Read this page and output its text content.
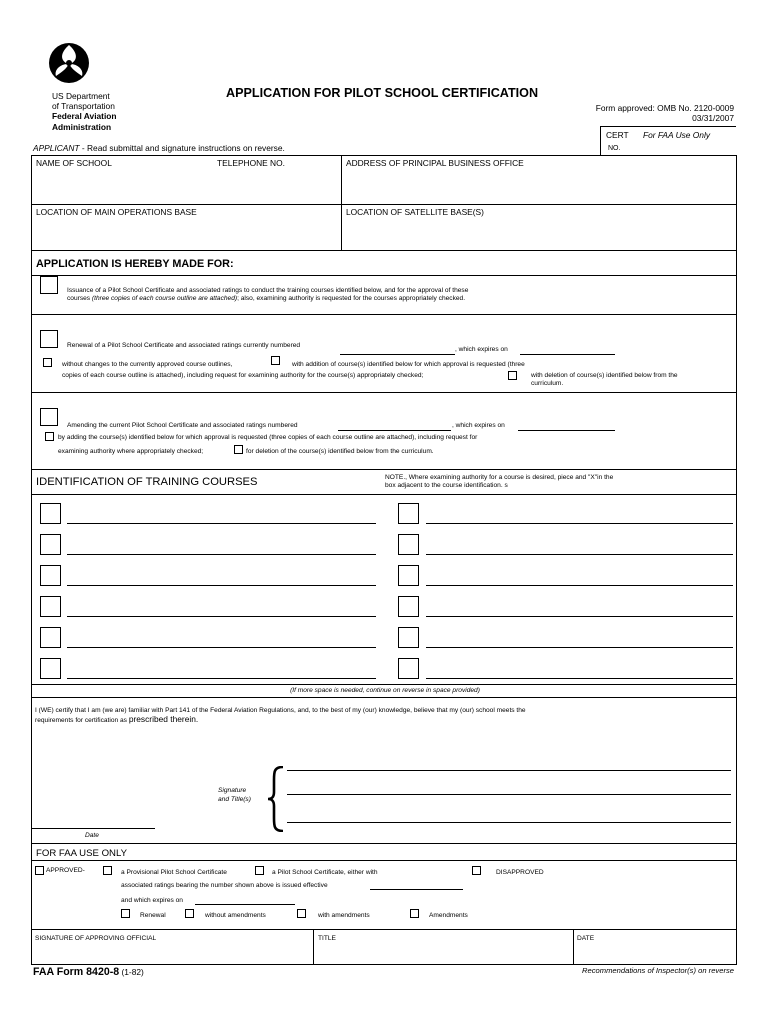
US Department
of Transportation
Federal Aviation
Administration
APPLICATION FOR PILOT SCHOOL CERTIFICATION
Form approved: OMB No. 2120-0009
03/31/2007
CERT For FAA Use Only
NO.
APPLICANT - Read submittal and signature instructions on reverse.
NAME OF SCHOOL	TELEPHONE NO.	ADDRESS OF PRINCIPAL BUSINESS OFFICE
LOCATION OF MAIN OPERATIONS BASE	LOCATION OF SATELLITE BASE(S)
APPLICATION IS HEREBY MADE FOR:
Issuance of a Pilot School Certificate and associated ratings to conduct the training courses identified below, and for the approval of these
courses (three copies of each course outline are attached); also, examining authority is requested for the courses appropriately checked.
Renewal of a Pilot School Certificate and associated ratings currently numbered
, which expires on
without changes to the currently approved course outlines,	with addition of course(s) identified below for which approval is requested (three
copies of each course outline is attached), including request for examining authority for the course(s) appropriately checked;	with deletion of course(s) identified below from the
curriculum.
Amending the current Pilot School Certificate and associated ratings numbered	, which expires on
by adding the course(s) identified below for which approval is requested (three copies of each course outline are attached), including request for
examining authority where appropriately checked;	for deletion of the course(s) identified below from the curriculum.
IDENTIFICATION OF TRAINING COURSES	NOTE., Where examining authority for a course is desired, piece and "X"in the
box adjacent to the course identification. s
(If more space is needed, continue on reverse in space provided)
I (WE) certify that I am (we are) familiar with Part 141 of the Federal Aviation Regulations, and, to the best of my (our) knowledge, believe that my (our) school meets the
requirements for certification as prescribed therein.
Signature
and Title(s)
Date
FOR FAA USE ONLY
APPROVED-	a Provisional Pilot School Certificate	a Pilot School Certificate, either with	DISAPPROVED
associated ratings bearing the number shown above is issued effective
and which expires on
Renewal	without amendments	with amendments	Amendments
SIGNATURE OF APPROVING OFFICIAL	TITLE	DATE
FAA Form 8420-8 (1-82)	Recommendations of Inspector(s) on reverse
